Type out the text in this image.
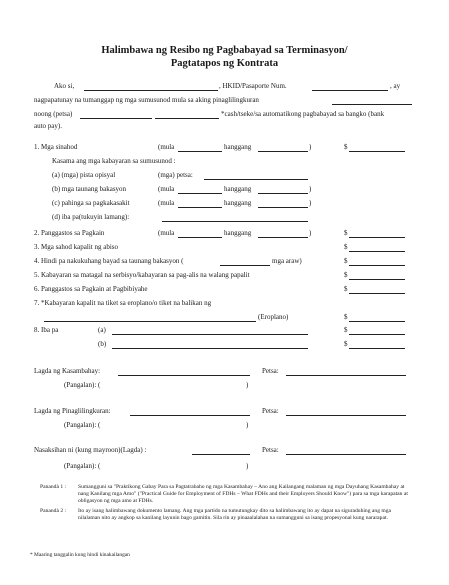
Halimbawa ng Resibo ng Pagbabayad sa Terminasyon/
Pagtatapos ng Kontrata
Ako si,	, HKID/Pasaporte Num.	, ay
nagpapatunay na tumanggap ng mga sumusunod mula sa aking pinaglilingkuran
noong (petsa)	*cash/tseke/sa automatikong pagbabayad sa bangko (bank
auto pay).
1. Mga sinahod	(mula	hanggang	)	$
Kasama ang mga kabayaran sa sumusunod :
(a) (mga) pista opisyal	(mga) petsa:
(b) mga taunang bakasyon	(mula	hanggang	)
(c) pahinga sa pagkakasakit	(mula	hanggang	)
(d) iba pa(tukuyin lamang):
2. Panggastos sa Pagkain	(mula	hanggang	)	$
3. Mga sahod kapalit ng abiso	$
4. Hindi pa nakukuhang bayad sa taunang bakasyon (	mga araw)	$
5. Kabayaran sa matagal na serbisyo/kabayaran sa pag-alis na walang papalit	$
6. Panggastos sa Pagkain at Pagbibiyahe	$
7. *Kabayaran kapalit na tiket sa eroplano/o tiket na balikan ng
(Eroplano)	$
8. Iba pa	(a)	$
(b)	$
Lagda ng Kasambahay:	Petsa:
(Pangalan): (	)
Lagda ng Pinaglilingkuran:	Petsa:
(Pangalan): (	)
Nasaksihan ni (kung mayroon)(Lagda) :	Petsa:
(Pangalan): (	)
Panandà 1 :	Sumangguni sa "Praktikong Gabay Para sa Pagtatrabaho ng mga Kasambahay – Ano ang Kailangang malaman ng mga Dayuhang Kasambahay at nang Kanilang mga Amo" ("Practical Guide for Employment of FDHs – What FDHs and their Employers Should Know") para sa mga karapatan at obligasyon ng mga amo at FDHs.
Panandà 2 :	Ito ay isang halimbawang dokumento lamang. Ang mga partido na tumutungkay dito sa halimbawang ito ay dapat na siguraduhing ang mga nilalaman nito ay angkop sa kanilang layunin bago gamitin. Sila rin ay pinaaalalahan na sumangguni sa isang propesyonal kung nararapat.
* Maaring tanggalin kung hindi kinakailangan
